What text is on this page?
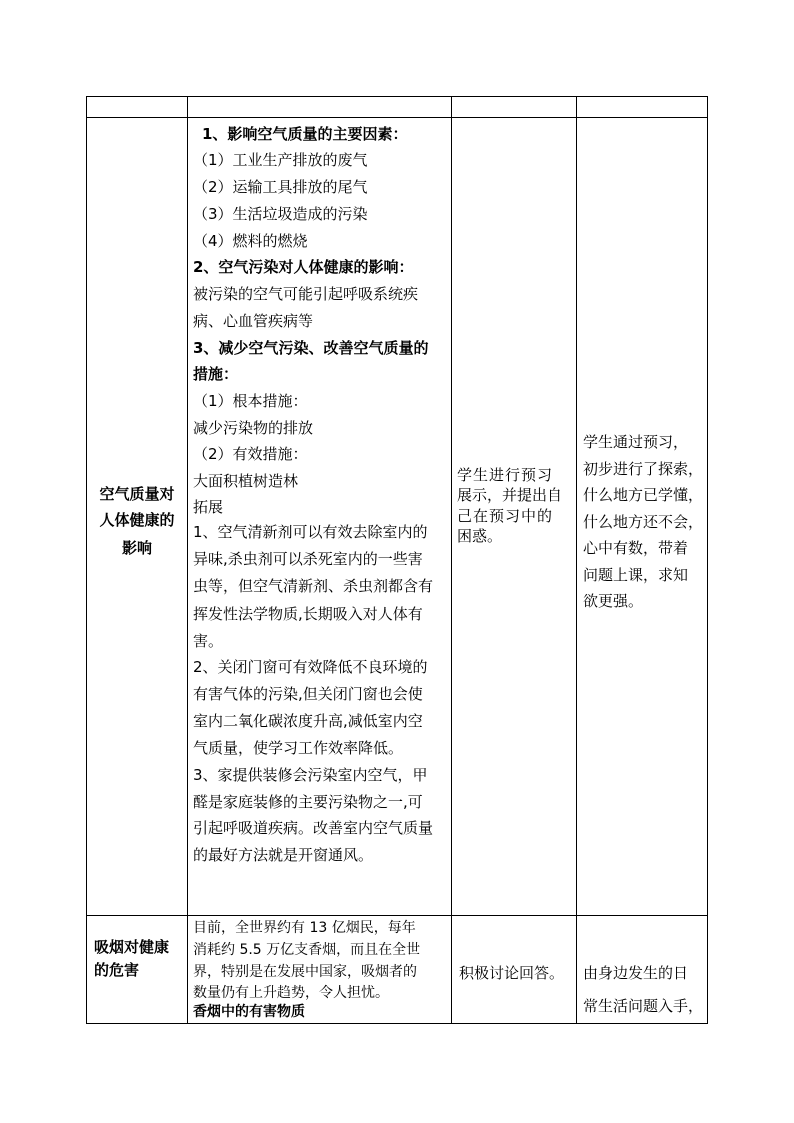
空气质量对
人体健康的
影响
1、影响空气质量的主要因素：
（1）工业生产排放的废气
（2）运输工具排放的尾气
（3）生活垃圾造成的污染
（4）燃料的燃烧
2、空气污染对人体健康的影响：
被污染的空气可能引起呼吸系统疾
病、心血管疾病等
3、减少空气污染、改善空气质量的
措施：
（1）根本措施：
减少污染物的排放
（2）有效措施：
大面积植树造林
拓展
1、空气清新剂可以有效去除室内的
异味,杀虫剂可以杀死室内的一些害
虫等，但空气清新剂、杀虫剂都含有
挥发性法学物质,长期吸入对人体有
害。
2、关闭门窗可有效降低不良环境的
有害气体的污染,但关闭门窗也会使
室内二氧化碳浓度升高,减低室内空
气质量，使学习工作效率降低。
3、家提供装修会污染室内空气，甲
醛是家庭装修的主要污染物之一,可
引起呼吸道疾病。改善室内空气质量
的最好方法就是开窗通风。
学生进行预习
展示，并提出自
己在预习中的
困惑。
学生通过预习，
初步进行了探索，
什么地方已学懂，
什么地方还不会，
心中有数，带着
问题上课，求知
欲更强。
吸烟对健康
的危害
目前，全世界约有 13 亿烟民，每年
消耗约 5.5 万亿支香烟，而且在全世
界，特别是在发展中国家，吸烟者的
数量仍有上升趋势，令人担忧。
香烟中的有害物质
积极讨论回答。 由身边发生的日
常生活问题入手，
